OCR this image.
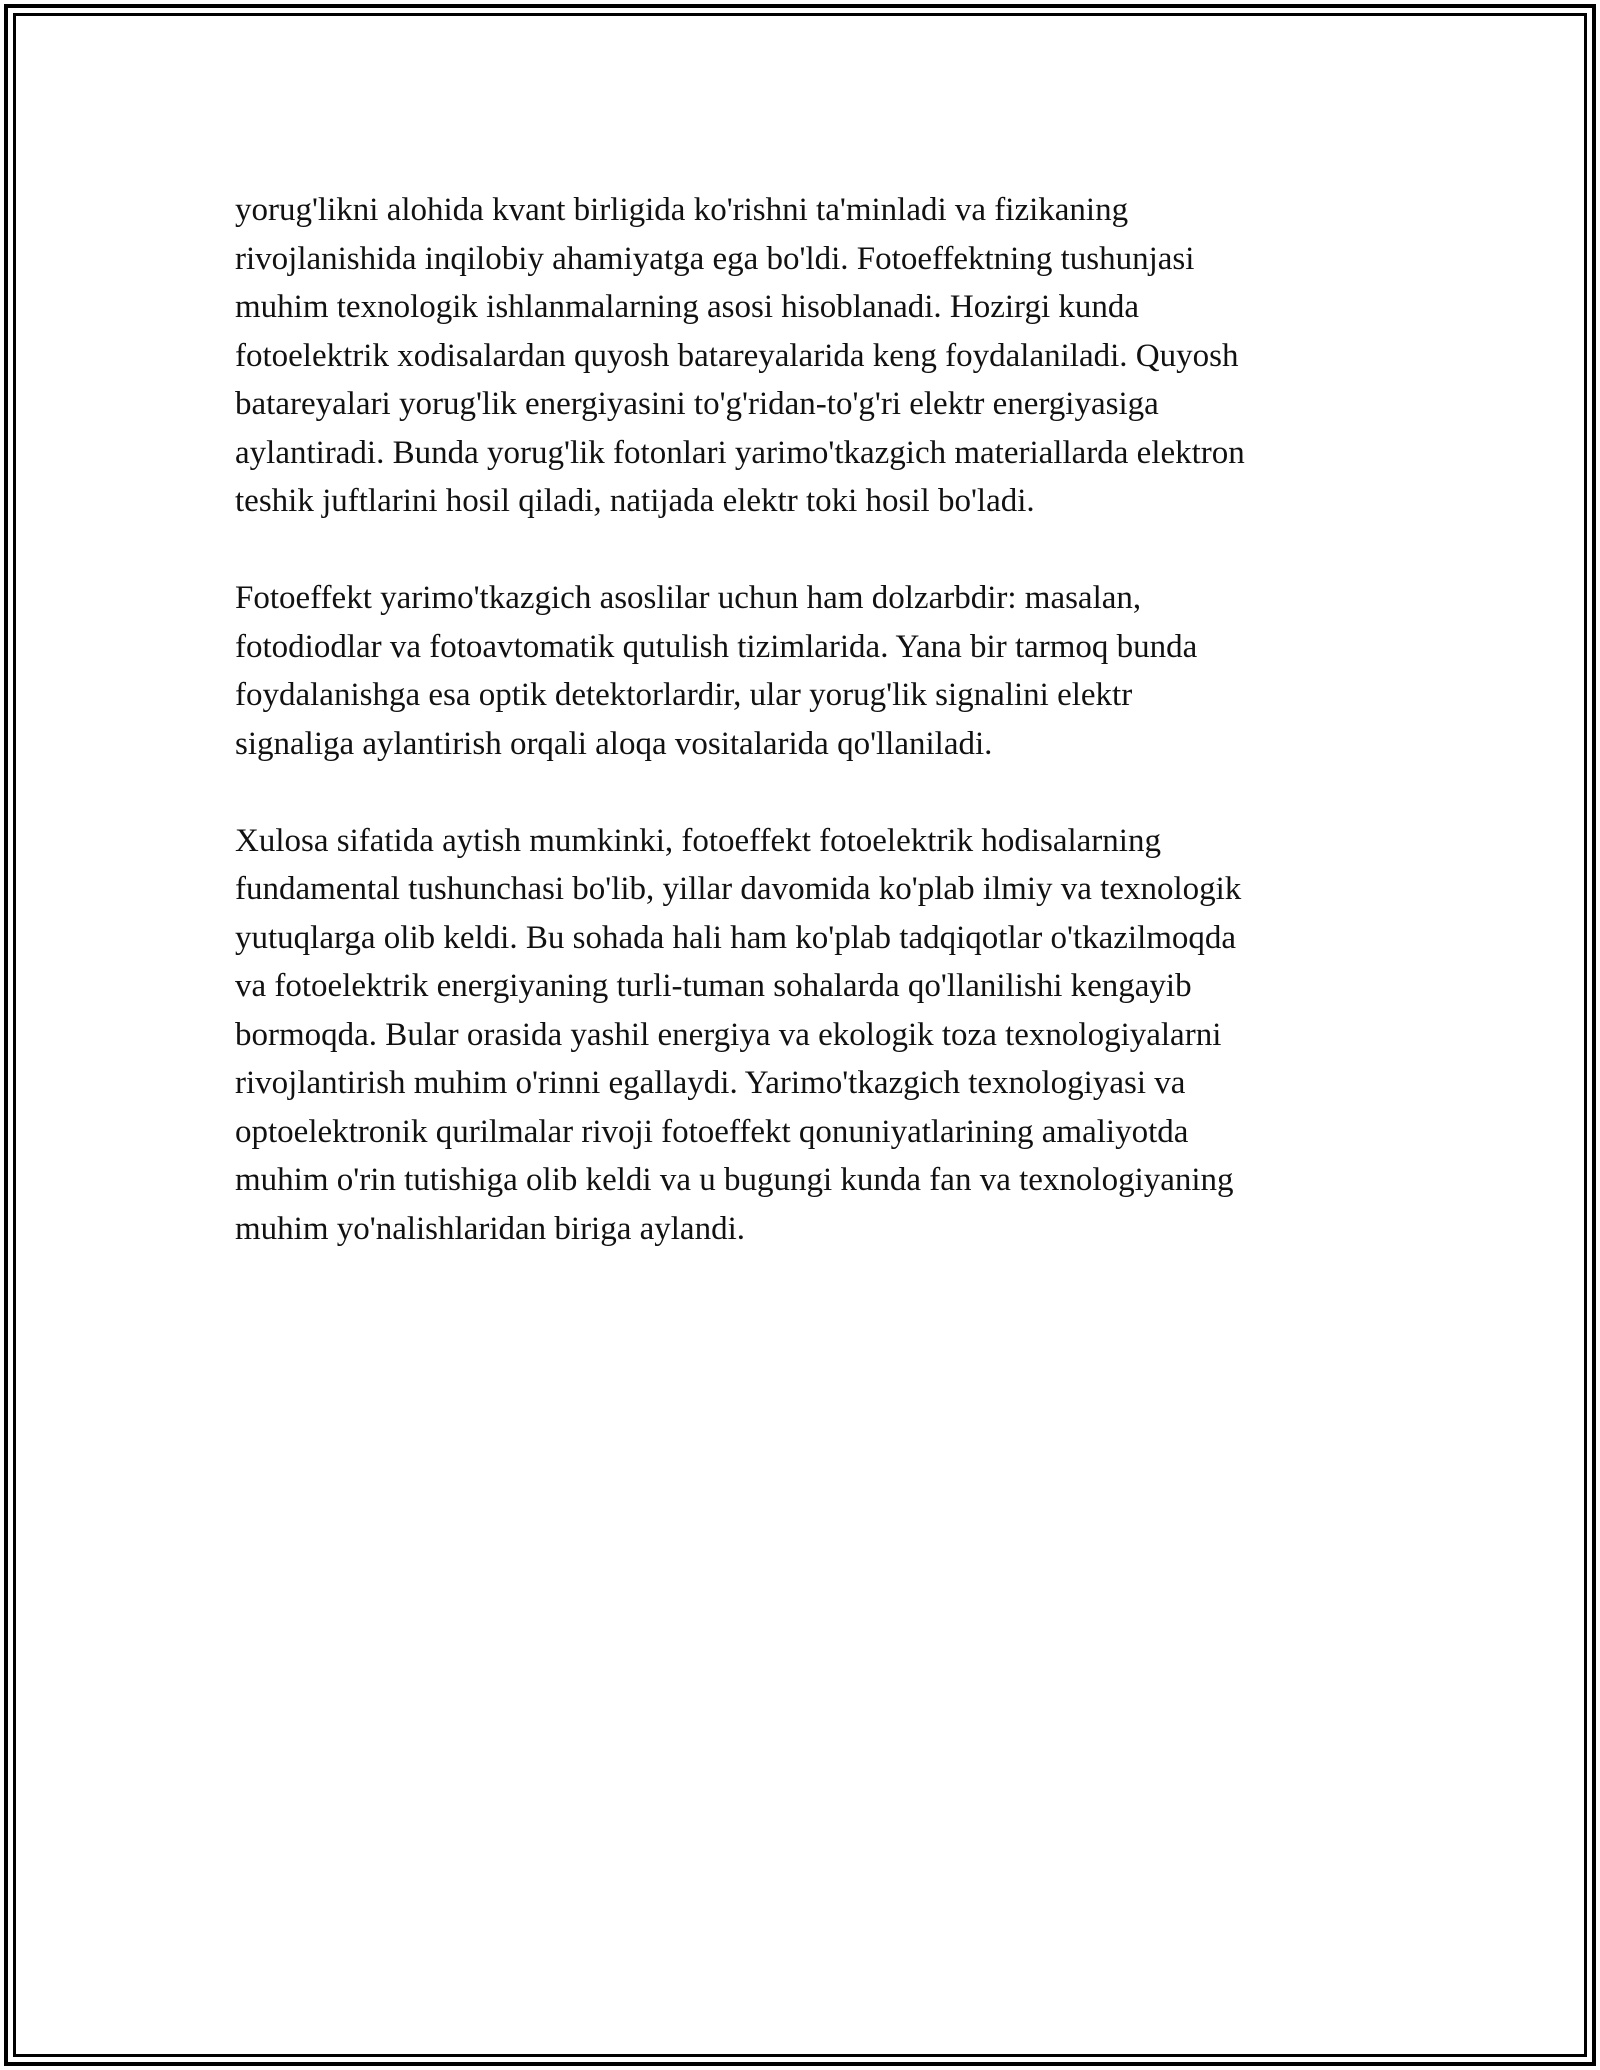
yorug'likni alohida kvant birligida ko'rishni ta'minladi va fizikaning
rivojlanishida inqilobiy ahamiyatga ega bo'ldi. Fotoeffektning tushunjasi
muhim texnologik ishlanmalarning asosi hisoblanadi. Hozirgi kunda
fotoelektrik xodisalardan quyosh batareyalarida keng foydalaniladi. Quyosh
batareyalari yorug'lik energiyasini to'g'ridan-to'g'ri elektr energiyasiga
aylantiradi. Bunda yorug'lik fotonlari yarimo'tkazgich materiallarda elektron
teshik juftlarini hosil qiladi, natijada elektr toki hosil bo'ladi.

Fotoeffekt yarimo'tkazgich asoslilar uchun ham dolzarbdir: masalan,
fotodiodlar va fotoavtomatik qutulish tizimlarida. Yana bir tarmoq bunda
foydalanishga esa optik detektorlardir, ular yorug'lik signalini elektr
signaliga aylantirish orqali aloqa vositalarida qo'llaniladi.

Xulosa sifatida aytish mumkinki, fotoeffekt fotoelektrik hodisalarning
fundamental tushunchasi bo'lib, yillar davomida ko'plab ilmiy va texnologik
yutuqlarga olib keldi. Bu sohada hali ham ko'plab tadqiqotlar o'tkazilmoqda
va fotoelektrik energiyaning turli-tuman sohalarda qo'llanilishi kengayib
bormoqda. Bular orasida yashil energiya va ekologik toza texnologiyalarni
rivojlantirish muhim o'rinni egallaydi. Yarimo'tkazgich texnologiyasi va
optoelektronik qurilmalar rivoji fotoeffekt qonuniyatlarining amaliyotda
muhim o'rin tutishiga olib keldi va u bugungi kunda fan va texnologiyaning
muhim yo'nalishlaridan biriga aylandi.
